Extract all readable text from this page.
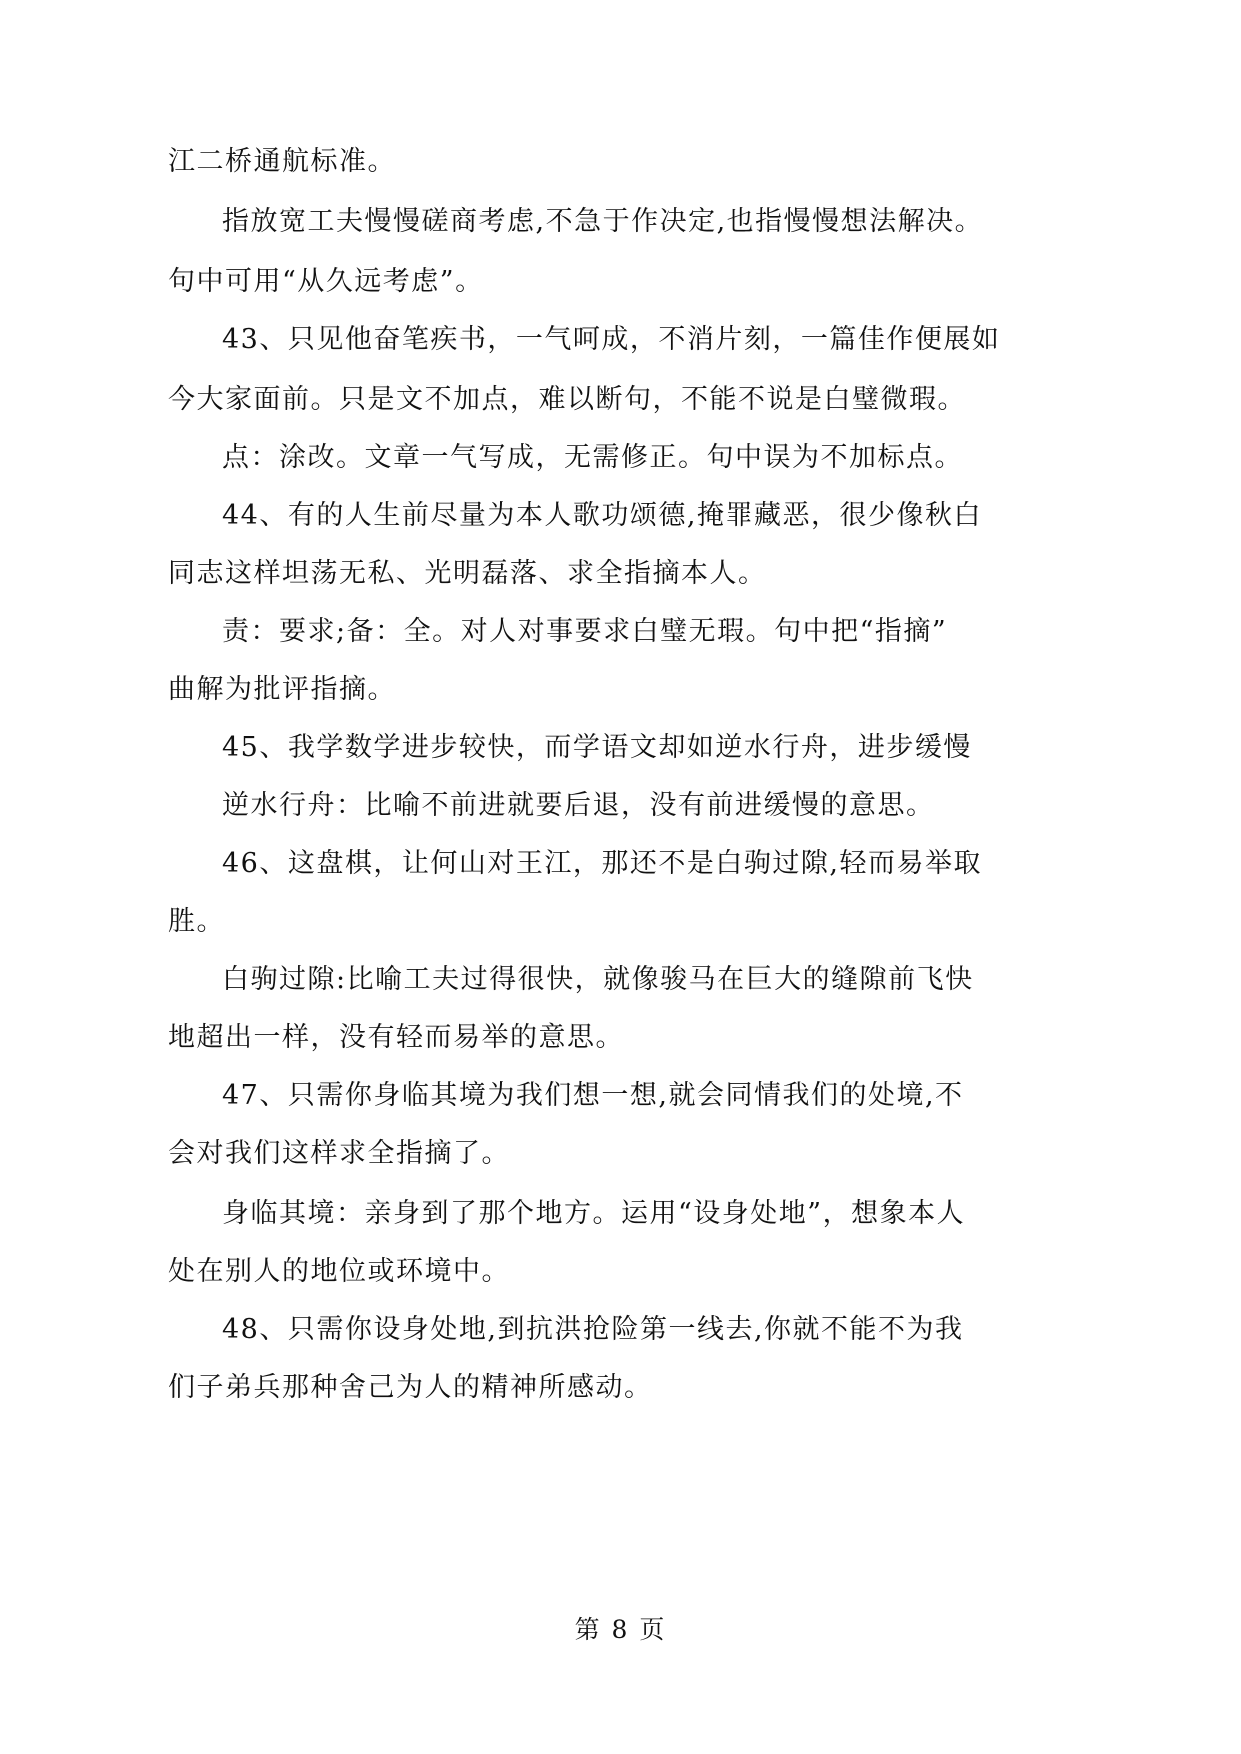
江二桥通航标准。
指放宽工夫慢慢磋商考虑,不急于作决定,也指慢慢想法解决。
句中可用“从久远考虑”。
43、只见他奋笔疾书，一气呵成，不消片刻，一篇佳作便展如
今大家面前。只是文不加点，难以断句，不能不说是白璧微瑕。
点：涂改。文章一气写成，无需修正。句中误为不加标点。
44、有的人生前尽量为本人歌功颂德,掩罪藏恶，很少像秋白
同志这样坦荡无私、光明磊落、求全指摘本人。
责：要求;备：全。对人对事要求白璧无瑕。句中把“指摘”
曲解为批评指摘。
45、我学数学进步较快，而学语文却如逆水行舟，进步缓慢
逆水行舟：比喻不前进就要后退，没有前进缓慢的意思。
46、这盘棋，让何山对王江，那还不是白驹过隙,轻而易举取
胜。
白驹过隙:比喻工夫过得很快，就像骏马在巨大的缝隙前飞快
地超出一样，没有轻而易举的意思。
47、只需你身临其境为我们想一想,就会同情我们的处境,不
会对我们这样求全指摘了。
身临其境：亲身到了那个地方。运用“设身处地”，想象本人
处在别人的地位或环境中。
48、只需你设身处地,到抗洪抢险第一线去,你就不能不为我
们子弟兵那种舍己为人的精神所感动。
第 8 页
